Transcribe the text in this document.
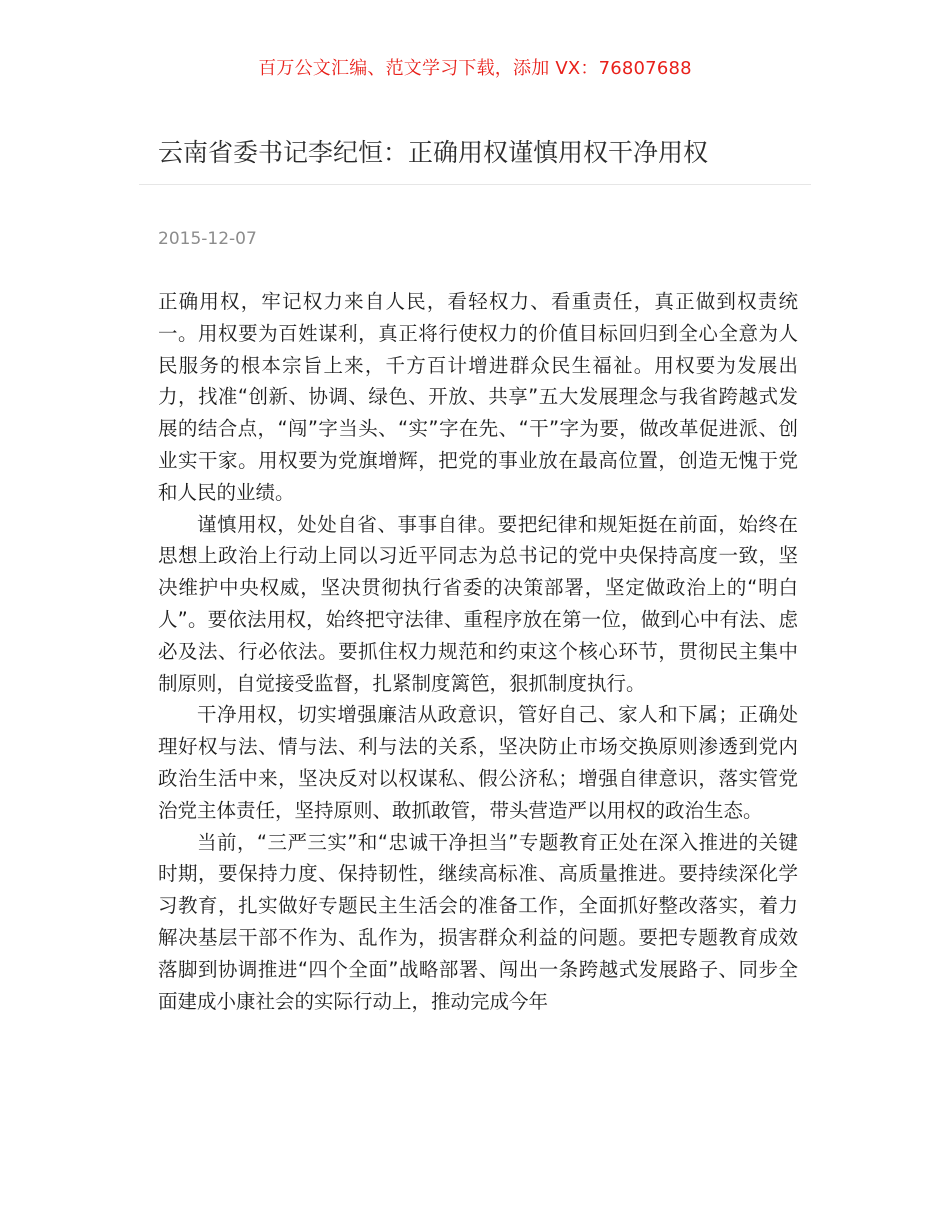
百万公文汇编、范文学习下载，添加 VX：76807688
云南省委书记李纪恒：正确用权谨慎用权干净用权
2015-12-07

正确用权，牢记权力来自人民，看轻权力、看重责任，真正做到权责统一。用权要为百姓谋利，真正将行使权力的价值目标回归到全心全意为人民服务的根本宗旨上来，千方百计增进群众民生福祉。用权要为发展出力，找准“创新、协调、绿色、开放、共享”五大发展理念与我省跨越式发展的结合点，“闯”字当头、“实”字在先、“干”字为要，做改革促进派、创业实干家。用权要为党旗增辉，把党的事业放在最高位置，创造无愧于党和人民的业绩。

谨慎用权，处处自省、事事自律。要把纪律和规矩挺在前面，始终在思想上政治上行动上同以习近平同志为总书记的党中央保持高度一致，坚决维护中央权威，坚决贯彻执行省委的决策部署，坚定做政治上的“明白人”。要依法用权，始终把守法律、重程序放在第一位，做到心中有法、虑必及法、行必依法。要抓住权力规范和约束这个核心环节，贯彻民主集中制原则，自觉接受监督，扎紧制度篱笆，狠抓制度执行。

干净用权，切实增强廉洁从政意识，管好自己、家人和下属；正确处理好权与法、情与法、利与法的关系，坚决防止市场交换原则渗透到党内政治生活中来，坚决反对以权谋私、假公济私；增强自律意识，落实管党治党主体责任，坚持原则、敢抓敢管，带头营造严以用权的政治生态。

当前，“三严三实”和“忠诚干净担当”专题教育正处在深入推进的关键时期，要保持力度、保持韧性，继续高标准、高质量推进。要持续深化学习教育，扎实做好专题民主生活会的准备工作，全面抓好整改落实，着力解决基层干部不作为、乱作为，损害群众利益的问题。要把专题教育成效落脚到协调推进“四个全面”战略部署、闯出一条跨越式发展路子、同步全面建成小康社会的实际行动上，推动完成今年
